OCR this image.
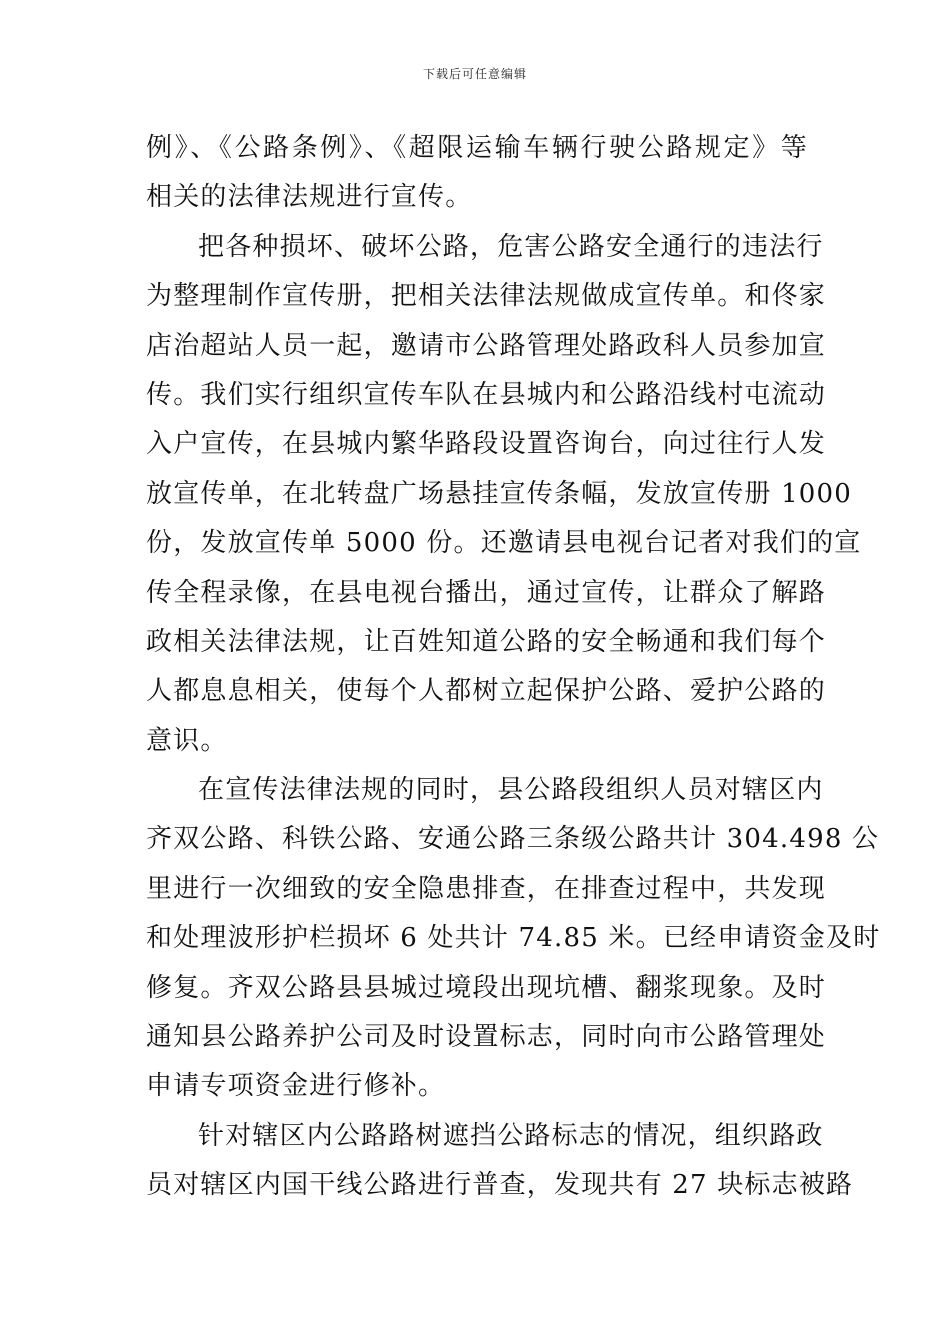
下载后可任意编辑
例》、《公路条例》、《超限运输车辆行驶公路规定》等
相关的法律法规进行宣传。
把各种损坏、破坏公路，危害公路安全通行的违法行
为整理制作宣传册，把相关法律法规做成宣传单。和佟家
店治超站人员一起，邀请市公路管理处路政科人员参加宣
传。我们实行组织宣传车队在县城内和公路沿线村屯流动
入户宣传，在县城内繁华路段设置咨询台，向过往行人发
放宣传单，在北转盘广场悬挂宣传条幅，发放宣传册 1000
份，发放宣传单 5000 份。还邀请县电视台记者对我们的宣
传全程录像，在县电视台播出，通过宣传，让群众了解路
政相关法律法规，让百姓知道公路的安全畅通和我们每个
人都息息相关，使每个人都树立起保护公路、爱护公路的
意识。
在宣传法律法规的同时，县公路段组织人员对辖区内
齐双公路、科铁公路、安通公路三条级公路共计 304.498 公
里进行一次细致的安全隐患排查，在排查过程中，共发现
和处理波形护栏损坏 6 处共计 74.85 米。已经申请资金及时
修复。齐双公路县县城过境段出现坑槽、翻浆现象。及时
通知县公路养护公司及时设置标志，同时向市公路管理处
申请专项资金进行修补。
针对辖区内公路路树遮挡公路标志的情况，组织路政
员对辖区内国干线公路进行普查，发现共有 27 块标志被路
